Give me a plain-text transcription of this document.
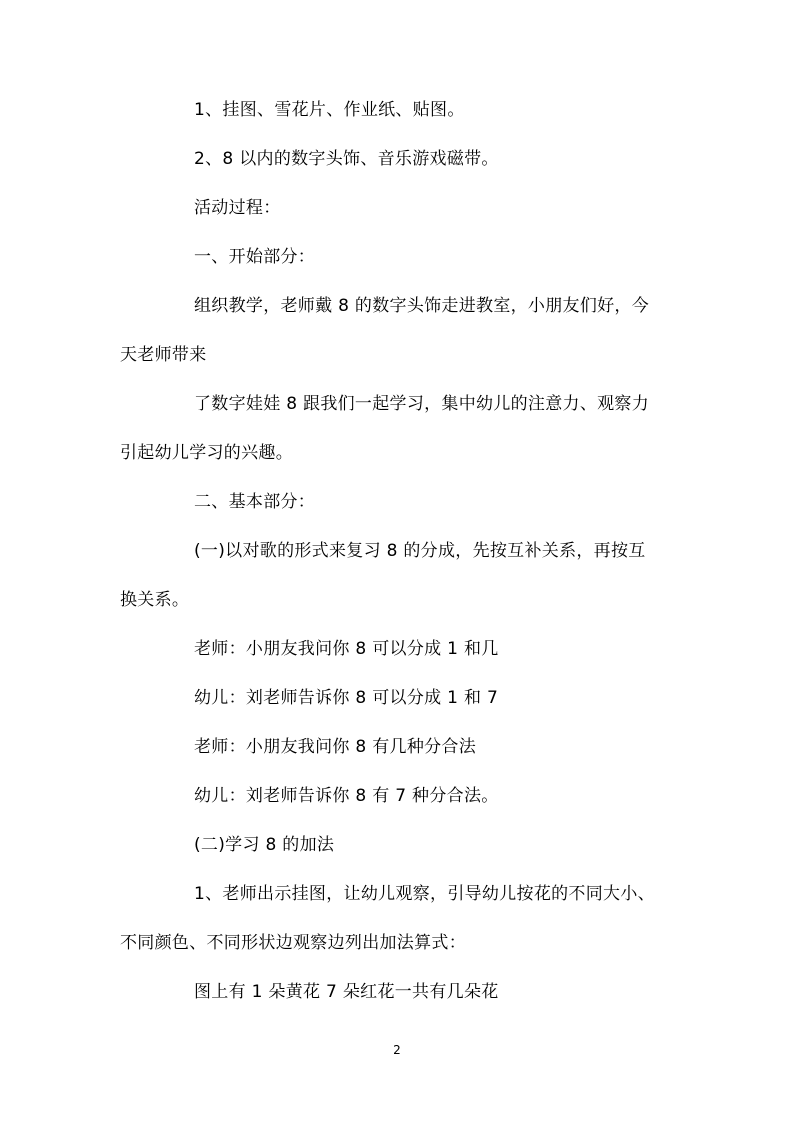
1、挂图、雪花片、作业纸、贴图。
2、8 以内的数字头饰、音乐游戏磁带。
活动过程：
一、开始部分：
组织教学，老师戴 8 的数字头饰走进教室，小朋友们好，今
天老师带来
了数字娃娃 8 跟我们一起学习，集中幼儿的注意力、观察力
引起幼儿学习的兴趣。
二、基本部分：
(一)以对歌的形式来复习 8 的分成，先按互补关系，再按互
换关系。
老师：小朋友我问你 8 可以分成 1 和几
幼儿：刘老师告诉你 8 可以分成 1 和 7
老师：小朋友我问你 8 有几种分合法
幼儿：刘老师告诉你 8 有 7 种分合法。
(二)学习 8 的加法
1、老师出示挂图，让幼儿观察，引导幼儿按花的不同大小、
不同颜色、不同形状边观察边列出加法算式：
图上有 1 朵黄花 7 朵红花一共有几朵花
2
